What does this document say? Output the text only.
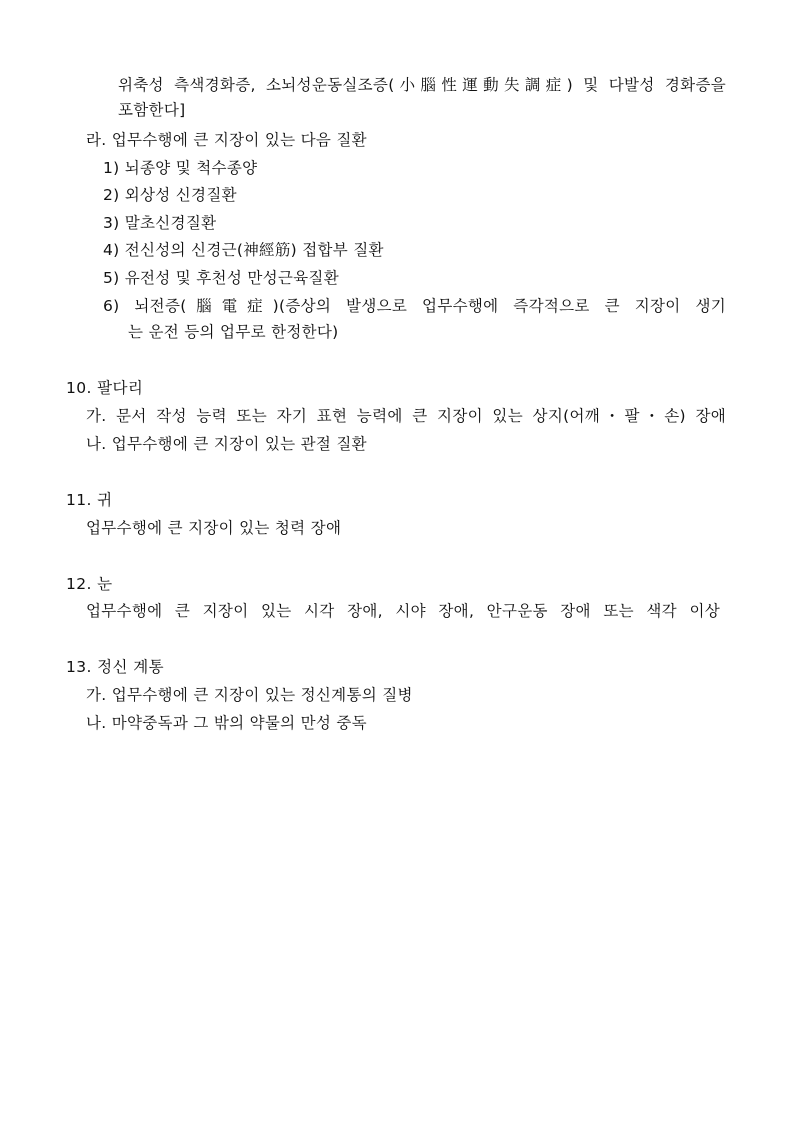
위축성 측색경화증, 소뇌성운동실조증(小腦性運動失調症) 및 다발성 경화증을
포함한다]
라. 업무수행에 큰 지장이 있는 다음 질환
1) 뇌종양 및 척수종양
2) 외상성 신경질환
3) 말초신경질환
4) 전신성의 신경근(神經筋) 접합부 질환
5) 유전성 및 후천성 만성근육질환
6) 뇌전증(腦電症)(증상의 발생으로 업무수행에 즉각적으로 큰 지장이 생기
는 운전 등의 업무로 한정한다)
10. 팔다리
가. 문서 작성 능력 또는 자기 표현 능력에 큰 지장이 있는 상지(어깨・팔・손) 장애
나. 업무수행에 큰 지장이 있는 관절 질환
11. 귀
업무수행에 큰 지장이 있는 청력 장애
12. 눈
업무수행에 큰 지장이 있는 시각 장애, 시야 장애, 안구운동 장애 또는 색각 이상
13. 정신 계통
가. 업무수행에 큰 지장이 있는 정신계통의 질병
나. 마약중독과 그 밖의 약물의 만성 중독
